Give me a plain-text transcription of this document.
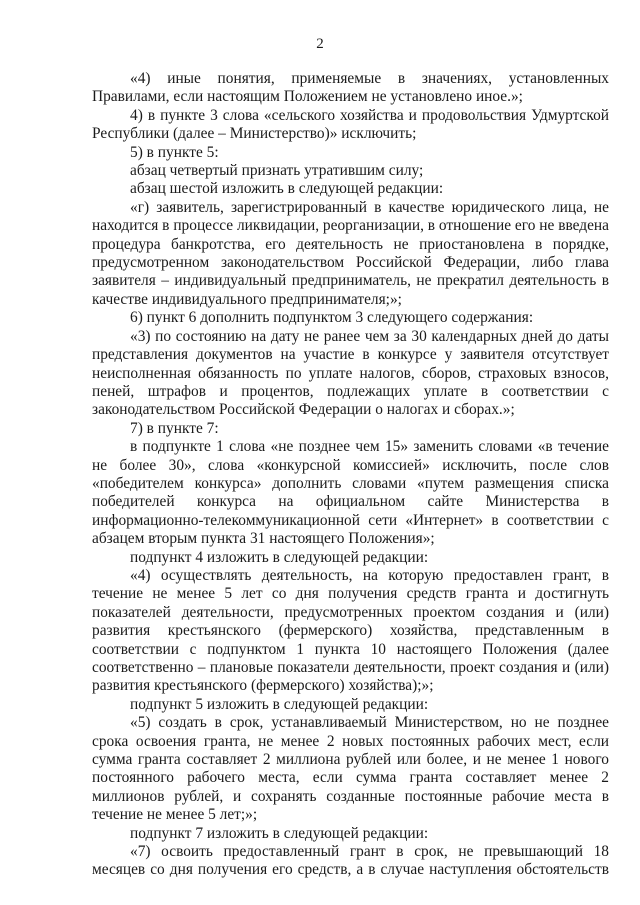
2

«4) иные понятия, применяемые в значениях, установленных Правилами, если настоящим Положением не установлено иное.»;

4) в пункте 3 слова «сельского хозяйства и продовольствия Удмуртской Республики (далее – Министерство)» исключить;

5) в пункте 5:

абзац четвертый признать утратившим силу;

абзац шестой изложить в следующей редакции:

«г) заявитель, зарегистрированный в качестве юридического лица, не находится в процессе ликвидации, реорганизации, в отношение его не введена процедура банкротства, его деятельность не приостановлена в порядке, предусмотренном законодательством Российской Федерации, либо глава заявителя – индивидуальный предприниматель, не прекратил деятельность в качестве индивидуального предпринимателя;»;

6) пункт 6 дополнить подпунктом 3 следующего содержания:

«3) по состоянию на дату не ранее чем за 30 календарных дней до даты представления документов на участие в конкурсе у заявителя отсутствует неисполненная обязанность по уплате налогов, сборов, страховых взносов, пеней, штрафов и процентов, подлежащих уплате в соответствии с законодательством Российской Федерации о налогах и сборах.»;

7) в пункте 7:

в подпункте 1 слова «не позднее чем 15» заменить словами «в течение не более 30», слова «конкурсной комиссией» исключить, после слов «победителем конкурса» дополнить словами «путем размещения списка победителей конкурса на официальном сайте Министерства в информационно-телекоммуникационной сети «Интернет» в соответствии с абзацем вторым пункта 31 настоящего Положения»;

подпункт 4 изложить в следующей редакции:

«4) осуществлять деятельность, на которую предоставлен грант, в течение не менее 5 лет со дня получения средств гранта и достигнуть показателей деятельности, предусмотренных проектом создания и (или) развития крестьянского (фермерского) хозяйства, представленным в соответствии с подпунктом 1 пункта 10 настоящего Положения (далее соответственно – плановые показатели деятельности, проект создания и (или) развития крестьянского (фермерского) хозяйства);»;

подпункт 5 изложить в следующей редакции:

«5) создать в срок, устанавливаемый Министерством, но не позднее срока освоения гранта, не менее 2 новых постоянных рабочих мест, если сумма гранта составляет 2 миллиона рублей или более, и не менее 1 нового постоянного рабочего места, если сумма гранта составляет менее 2 миллионов рублей, и сохранять созданные постоянные рабочие места в течение не менее 5 лет;»;

подпункт 7 изложить в следующей редакции:

«7) освоить предоставленный грант в срок, не превышающий 18 месяцев со дня получения его средств, а в случае наступления обстоятельств
